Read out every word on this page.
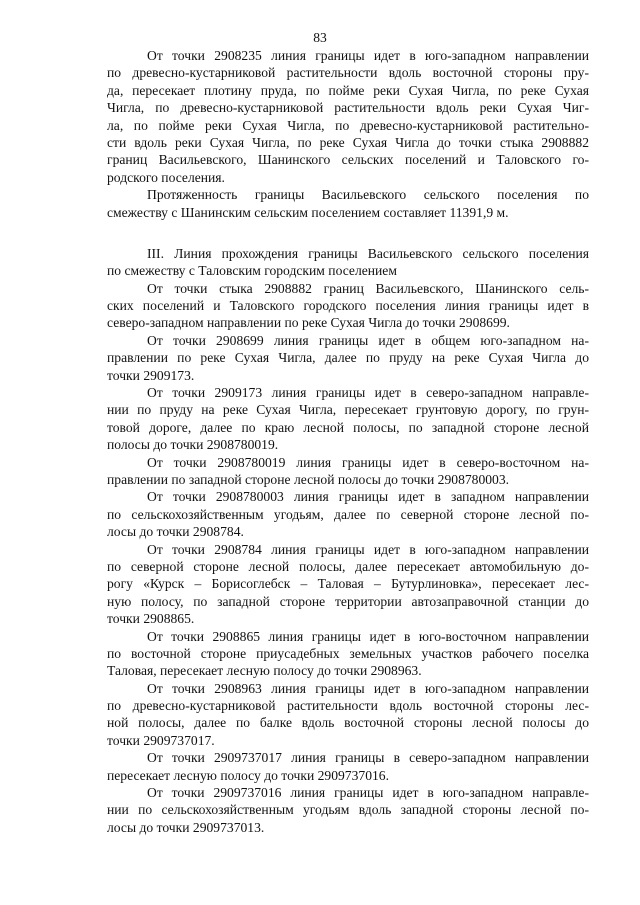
83
От точки 2908235 линия границы идет в юго-западном направлении
по древесно-кустарниковой растительности вдоль восточной стороны пру-
да, пересекает плотину пруда, по пойме реки Сухая Чигла, по реке Сухая
Чигла, по древесно-кустарниковой растительности вдоль реки Сухая Чиг-
ла, по пойме реки Сухая Чигла, по древесно-кустарниковой растительно-
сти вдоль реки Сухая Чигла, по реке Сухая Чигла до точки стыка 2908882
границ Васильевского, Шанинского сельских поселений и Таловского го-
родского поселения.
Протяженность границы Васильевского сельского поселения по
смежеству с Шанинским сельским поселением составляет 11391,9 м.
III. Линия прохождения границы Васильевского сельского поселения
по смежеству с Таловским городским поселением
От точки стыка 2908882 границ Васильевского, Шанинского сель-
ских поселений и Таловского городского поселения линия границы идет в
северо-западном направлении по реке Сухая Чигла до точки 2908699.
От точки 2908699 линия границы идет в общем юго-западном на-
правлении по реке Сухая Чигла, далее по пруду на реке Сухая Чигла до
точки 2909173.
От точки 2909173 линия границы идет в северо-западном направле-
нии по пруду на реке Сухая Чигла, пересекает грунтовую дорогу, по грун-
товой дороге, далее по краю лесной полосы, по западной стороне лесной
полосы до точки 2908780019.
От точки 2908780019 линия границы идет в северо-восточном на-
правлении по западной стороне лесной полосы до точки 2908780003.
От точки 2908780003 линия границы идет в западном направлении
по сельскохозяйственным угодьям, далее по северной стороне лесной по-
лосы до точки 2908784.
От точки 2908784 линия границы идет в юго-западном направлении
по северной стороне лесной полосы, далее пересекает автомобильную до-
рогу «Курск – Борисоглебск – Таловая – Бутурлиновка», пересекает лес-
ную полосу, по западной стороне территории автозаправочной станции до
точки 2908865.
От точки 2908865 линия границы идет в юго-восточном направлении
по восточной стороне приусадебных земельных участков рабочего поселка
Таловая, пересекает лесную полосу до точки 2908963.
От точки 2908963 линия границы идет в юго-западном направлении
по древесно-кустарниковой растительности вдоль восточной стороны лес-
ной полосы, далее по балке вдоль восточной стороны лесной полосы до
точки 2909737017.
От точки 2909737017 линия границы в северо-западном направлении
пересекает лесную полосу до точки 2909737016.
От точки 2909737016 линия границы идет в юго-западном направле-
нии по сельскохозяйственным угодьям вдоль западной стороны лесной по-
лосы до точки 2909737013.
